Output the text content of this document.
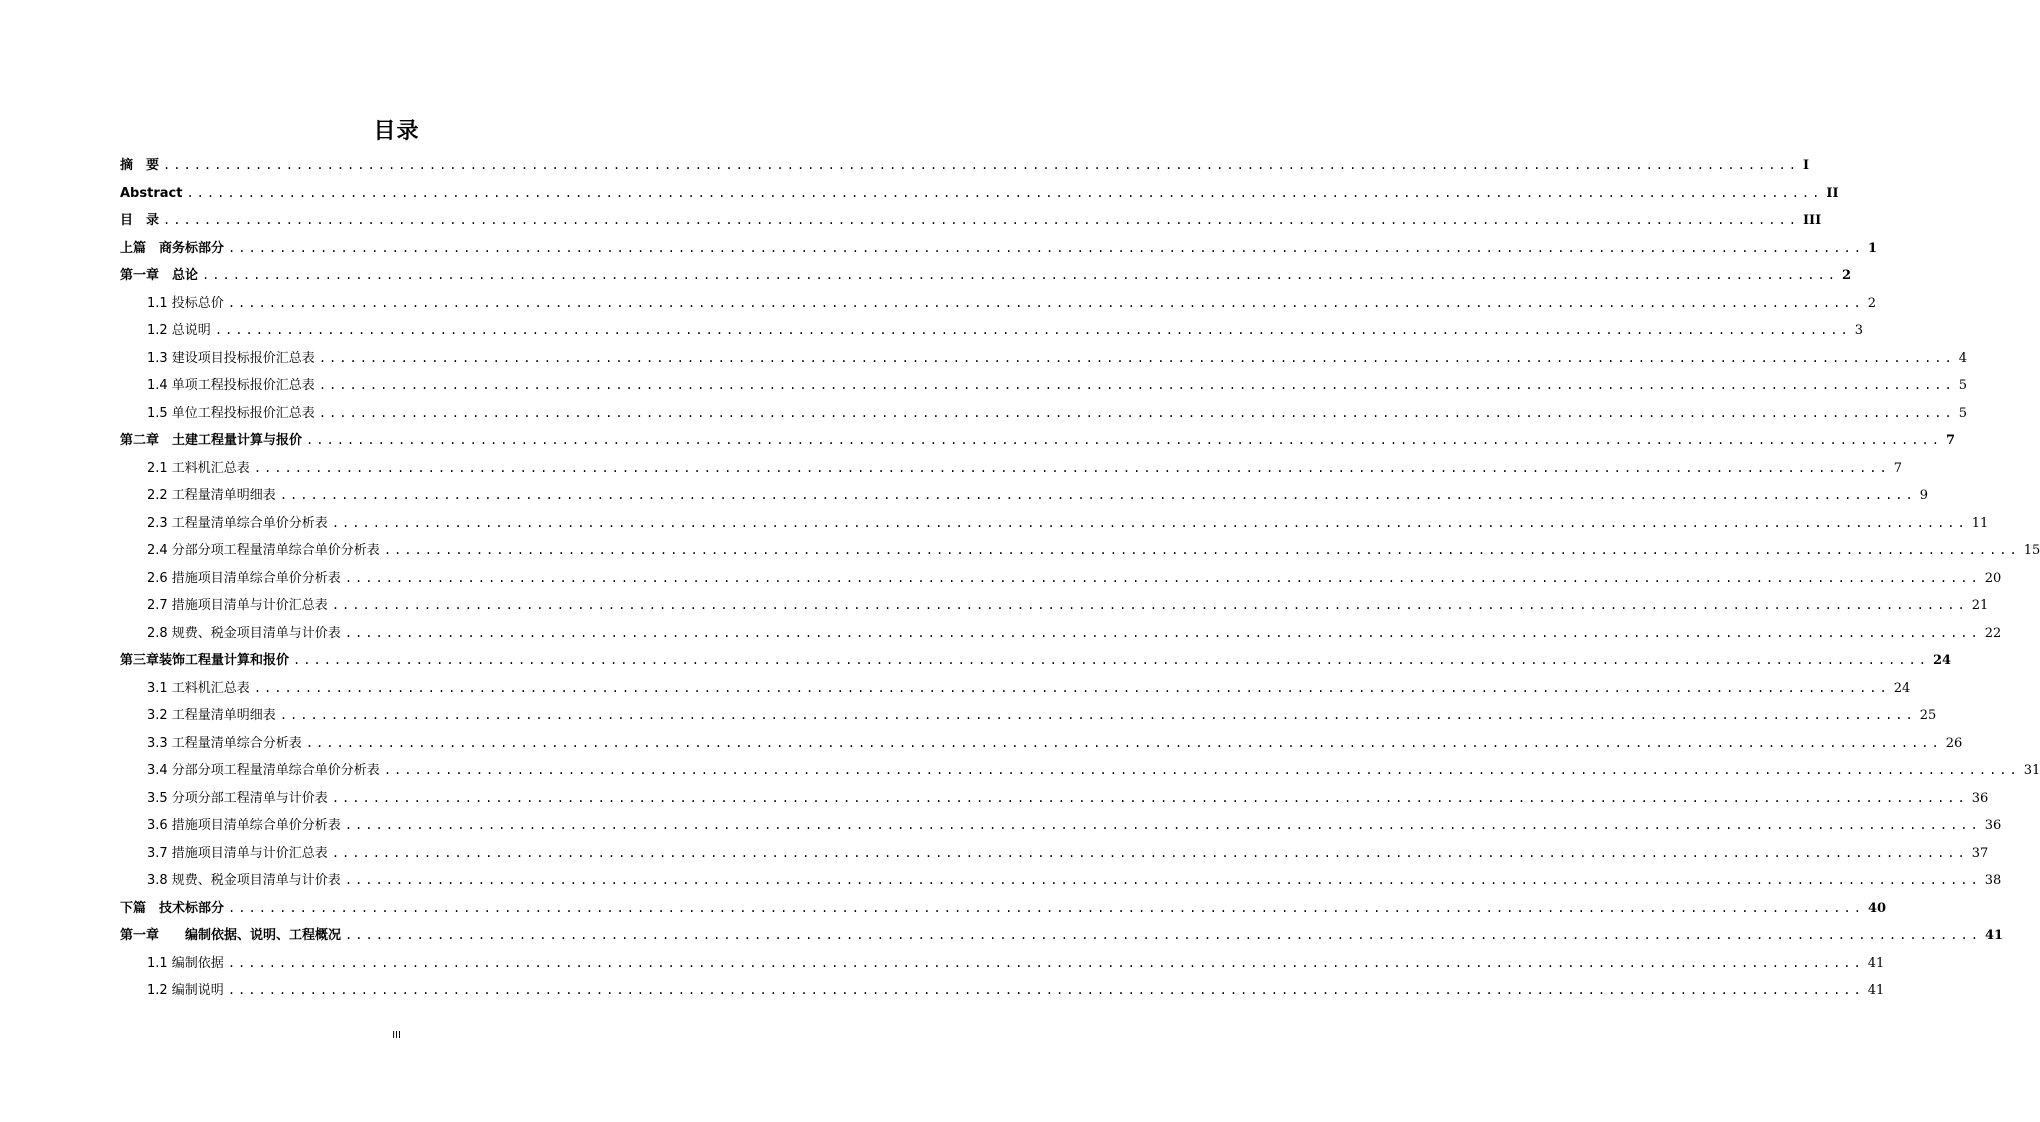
目录
摘　要 ................................................................................................................................................................ I
Abstract ................................................................................................................................................................ II
目　录 ................................................................................................................................................................ III
上篇　商务标部分 ................................................................................................................................................................ 1
第一章　总论 ................................................................................................................................................................ 2
1.1 投标总价 ................................................................................................................................................................ 2
1.2 总说明 ................................................................................................................................................................ 3
1.3 建设项目投标报价汇总表 ................................................................................................................................................................ 4
1.4 单项工程投标报价汇总表 ................................................................................................................................................................ 5
1.5 单位工程投标报价汇总表 ................................................................................................................................................................ 5
第二章　土建工程量计算与报价 ................................................................................................................................................................ 7
2.1 工料机汇总表 ................................................................................................................................................................ 7
2.2 工程量清单明细表 ................................................................................................................................................................ 9
2.3 工程量清单综合单价分析表 ................................................................................................................................................................ 11
2.4 分部分项工程量清单综合单价分析表 ................................................................................................................................................................ 15
2.6 措施项目清单综合单价分析表 ................................................................................................................................................................ 20
2.7 措施项目清单与计价汇总表 ................................................................................................................................................................ 21
2.8 规费、税金项目清单与计价表 ................................................................................................................................................................ 22
第三章装饰工程量计算和报价 ................................................................................................................................................................ 24
3.1 工料机汇总表 ................................................................................................................................................................ 24
3.2 工程量清单明细表 ................................................................................................................................................................ 25
3.3 工程量清单综合分析表 ................................................................................................................................................................ 26
3.4 分部分项工程量清单综合单价分析表 ................................................................................................................................................................ 31
3.5 分项分部工程清单与计价表 ................................................................................................................................................................ 36
3.6 措施项目清单综合单价分析表 ................................................................................................................................................................ 36
3.7 措施项目清单与计价汇总表 ................................................................................................................................................................ 37
3.8 规费、税金项目清单与计价表 ................................................................................................................................................................ 38
下篇　技术标部分 ................................................................................................................................................................ 40
第一章　　编制依据、说明、工程概况 ................................................................................................................................................................ 41
1.1 编制依据 ................................................................................................................................................................ 41
1.2 编制说明 ................................................................................................................................................................ 41
III
